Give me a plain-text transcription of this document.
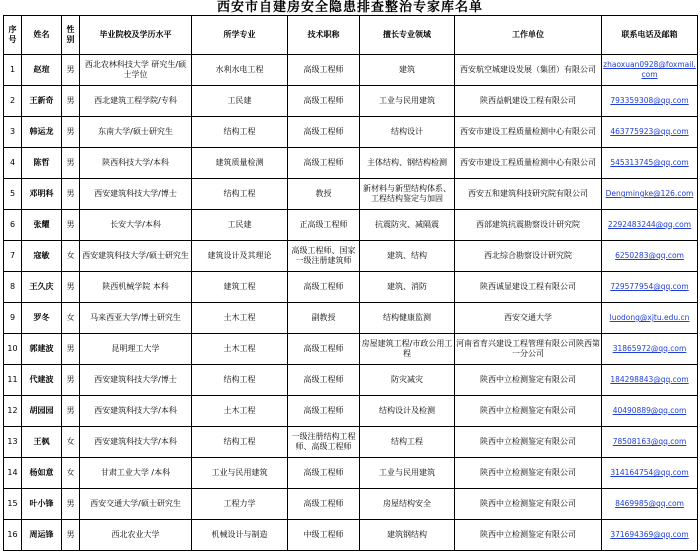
西安市自建房安全隐患排查整治专家库名单
序号	姓名	性别	毕业院校及学历水平	所学专业	技术职称	擅长专业领域	工作单位	联系电话及邮箱
1	赵瑄	男	西北农林科技大学 研究生/硕士学位	水利水电工程	高级工程师	建筑	西安航空城建设发展（集团）有限公司	zhaoxuan0928@foxmail.com
2	王新奇	男	西北建筑工程学院/专科	工民建	高级工程师	工业与民用建筑	陕西益帆建设工程有限公司	793359308@qq.com
3	韩运龙	男	东南大学/硕士研究生	结构工程	高级工程师	结构设计	西安市建设工程质量检测中心有限公司	463775923@qq.com
4	陈哲	男	陕西科技大学/本科	建筑质量检测	高级工程师	主体结构、钢结构检测	西安市建设工程质量检测中心有限公司	545313745@qq.com
5	邓明科	男	西安建筑科技大学/博士	结构工程	教授	新材料与新型结构体系、工程结构鉴定与加固	西安五和建筑科技研究院有限公司	Dengmingke@126.com
6	张耀	男	长安大学/本科	工民建	正高级工程师	抗震防灾、减隔震	西部建筑抗震勘察设计研究院	2292483244@qq.com
7	寇敏	女	西安建筑科技大学/硕士研究生	建筑设计及其理论	高级工程师、国家一级注册建筑师	建筑、结构	西北综合勘察设计研究院	6250283@qq.com
8	王久庆	男	陕西机械学院 本科	建筑工程	高级工程师	建筑、消防	陕西诚显建设工程有限公司	729577954@qq.com
9	罗冬	女	马来西亚大学/博士研究生	土木工程	副教授	结构健康监测	西安交通大学	luodong@xjtu.edu.cn
10	郭建波	男	昆明理工大学	土木工程	高级工程师	房屋建筑工程/市政公用工程	河南省育兴建设工程管理有限公司陕西第一分公司	31865972@qq.com
11	代建波	男	西安建筑科技大学/博士	结构工程	高级工程师	防灾减灾	陕西中立检测鉴定有限公司	184298843@qq.com
12	胡园园	男	西安建筑科技大学/本科	土木工程	高级工程师	结构设计及检测	陕西中立检测鉴定有限公司	40490889@qq.com
13	王枫	女	西安建筑科技大学/本科	结构工程	一级注册结构工程师、高级工程师	结构工程	陕西中立检测鉴定有限公司	78508163@qq.com
14	杨如意	女	甘肃工业大学 /本科	工业与民用建筑	高级工程师	工业与民用建筑	陕西中立检测鉴定有限公司	314164754@qq.com
15	叶小锋	男	西安交通大学/硕士研究生	工程力学	高级工程师	房屋结构安全	陕西中立检测鉴定有限公司	8469985@qq.com
16	周运锋	男	西北农业大学	机械设计与制造	中级工程师	建筑钢结构	陕西中立检测鉴定有限公司	371694369@qq.com
